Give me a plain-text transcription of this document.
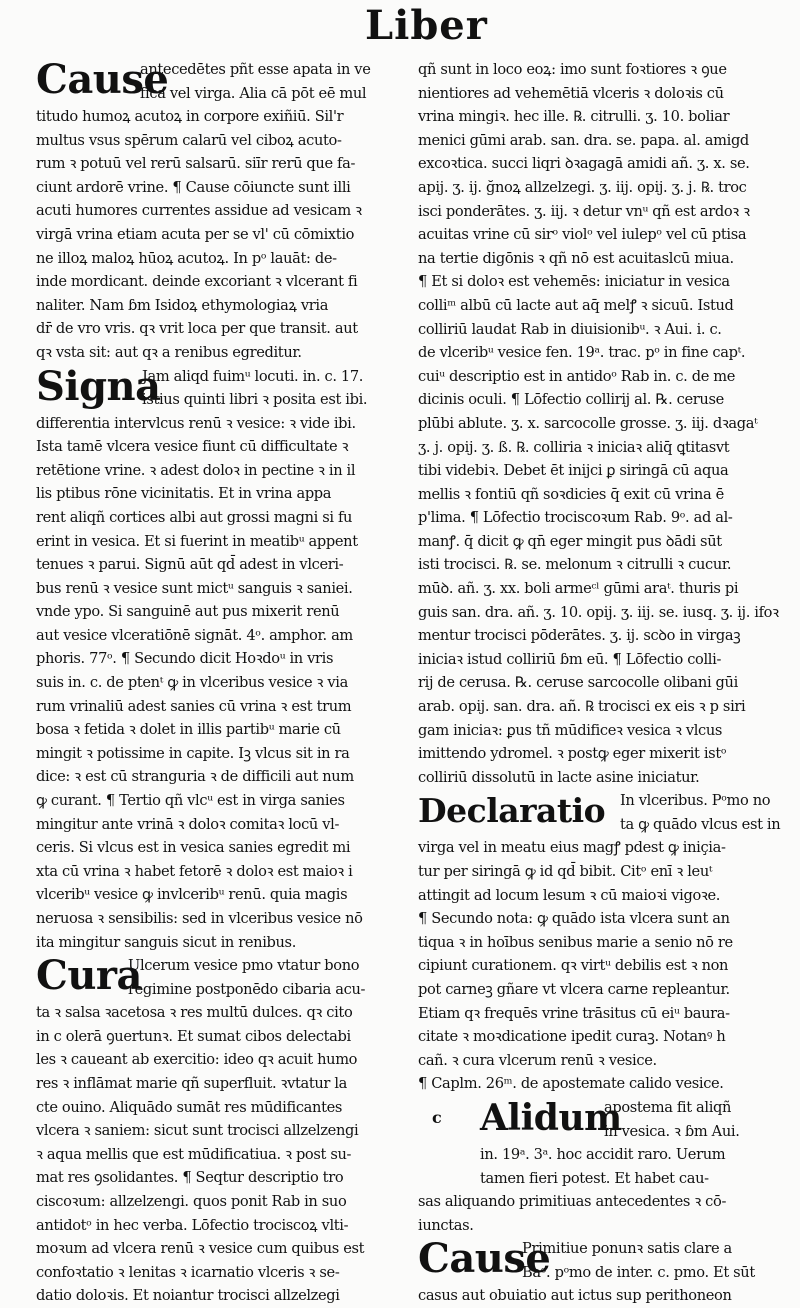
Liber
Cause
antecedētes pñt esse apata in ve
fica vel virga. Alia cā pōt eē mul
titudo humoꝝ acutoꝝ in corpore exiñiū. Sil'r
multus vsus spērum calarū vel ciboꝝ acuto-
rum ꝛ potuū vel rerū salsarū. siīr rerū que fa-
ciunt ardorē vrine. ¶ Cause cōiuncte sunt illi
acuti humores currentes assidue ad vesicam ꝛ
virgā vrina etiam acuta per se vl' cū cōmixtio
ne illoꝝ maloꝝ hūoꝝ acutoꝝ. In pᵒ lauāt: de-
inde mordicant. deinde excoriant ꝛ vlcerant fi
naliter. Nam ɓm Isidoꝝ ethymologiaꝝ vria
dr̄ de vro vris. qꝛ vrit loca per que transit. aut
qꝛ vsta sit: aut qꝛ a renibus egreditur.
Signa
Jam aliqd fuimᵘ locuti. in. c. 17.
istius quinti libri ꝛ posita est ibi.
differentia intervlcus renū ꝛ vesice: ꝛ vide ibi.
Ista tamē vlcera vesice fiunt cū difficultate ꝛ
retētione vrine. ꝛ adest doloꝛ in pectine ꝛ in il
lis ptibus rōne vicinitatis. Et in vrina appa
rent aliqñ cortices albi aut grossi magni si fu
erint in vesica. Et si fuerint in meatibᵘ appent
tenues ꝛ parui. Signū aūt qd̄ adest in vlceri-
bus renū ꝛ vesice sunt mictᵘ sanguis ꝛ saniei.
vnde ypo. Si sanguinē aut pus mixerit renū
aut vesice vlceratiōnē signāt. 4ᵒ. amphor. am
phoris. 77ᵒ. ¶ Secundo dicit Hoꝛdoᵘ in vris
suis in. c. de ptenᵗ ꝙ in vlceribus vesice ꝛ via
rum vrinaliū adest sanies cū vrina ꝛ est trum
bosa ꝛ fetida ꝛ dolet in illis partibᵘ marie cū
mingit ꝛ potissime in capite. Iꝫ vlcus sit in ra
dice: ꝛ est cū stranguria ꝛ de difficili aut num
ꝙ curant. ¶ Tertio qñ vlcᵘ est in virga sanies
mingitur ante vrinā ꝛ doloꝛ comitaꝛ locū vl-
ceris. Si vlcus est in vesica sanies egredit mi
xta cū vrina ꝛ habet fetorē ꝛ doloꝛ est maioꝛ i
vlceribᵘ vesice ꝙ invlceribᵘ renū. quia magis
neruosa ꝛ sensibilis: sed in vlceribus vesice nō
ita mingitur sanguis sicut in renibus.
Cura
Ulcerum vesice pmo vtatur bono
regimine postponēdo cibaria acu-
ta ꝛ salsa ꝛacetosa ꝛ res multū dulces. qꝛ cito
in c olerā ꝯuertunꝛ. Et sumat cibos delectabi
les ꝛ caueant ab exercitio: ideo qꝛ acuit humo
res ꝛ inflāmat marie qñ superfluit. ꝛvtatur la
cte ouino. Aliquādo sumāt res mūdificantes
vlcera ꝛ saniem: sicut sunt trocisci allzelzengi
ꝛ aqua mellis que est mūdificatiua. ꝛ post su-
mat res ꝯsolidantes. ¶ Seqtur descriptio tro
ciscoꝛum: allzelzengi. quos ponit Rab in suo
antidotᵒ in hec verba. Lōfectio trociscoꝝ vlti-
moꝛum ad vlcera renū ꝛ vesice cum quibus est
confoꝛtatio ꝛ lenitas ꝛ icarnatio vlceris ꝛ se-
datio doloꝛis. Et noiantur trocisci allzelzegi
qñ sunt in loco eoꝝ: imo sunt foꝛtiores ꝛ ꝯue
nientiores ad vehemētiā vlceris ꝛ doloꝛis cū
vrina mingiꝛ. hec ille. ℞. citrulli. ʒ. 10. boliar
menici gūmi arab. san. dra. se. papa. al. amigd
excoꝛtica. succi liqri ꝺꝛagagā amidi añ. ʒ. x. se.
apij. ʒ. ij. ğnoꝝ allzelzegi. ʒ. iij. opij. ʒ. j. ℞. troc
isci ponderātes. ʒ. iij. ꝛ detur vnᵘ qñ est ardoꝛ ꝛ
acuitas vrine cū sirᵒ violᵒ vel iulepᵒ vel cū ptisa
na tertie digōnis ꝛ qñ nō est acuitaslcū miua.
¶ Et si doloꝛ est vehemēs: iniciatur in vesica
colliᵐ albū cū lacte aut aq̄ melꝭ ꝛ sicuū. Istud
colliriū laudat Rab in diuisionibᵘ. ꝛ Aui. i. c.
de vlceribᵘ vesice fen. 19ᵃ. trac. pᵒ in fine capᵗ.
cuiᵘ descriptio est in antidoᵒ Rab in. c. de me
dicinis oculi. ¶ Lōfectio collirij al. ℞. ceruse
plūbi ablute. ʒ. x. sarcocolle grosse. ʒ. iij. dꝛagaᵗ
ʒ. j. opij. ʒ. ß. ℞. colliria ꝛ iniciaꝛ aliq̄ ꝗtitasvt
tibi videbiꝛ. Debet ēt inijci ꝑ siringā cū aqua
mellis ꝛ fontiū qñ soꝛdicies q̄ exit cū vrina ē
p'lima. ¶ Lōfectio trociscoꝛum Rab. 9ᵒ. ad al-
manꝭ. q̄ dicit ꝙ qn̄ eger mingit pus ꝺādi sūt
isti trocisci. ℞. se. melonum ꝛ citrulli ꝛ cucur.
mūꝺ. añ. ʒ. xx. boli armeᶜˡ gūmi araᵗ. thuris pi
guis san. dra. añ. ʒ. 10. opij. ʒ. iij. se. iusq. ʒ. ij. ifoꝛ
mentur trocisci pōderātes. ʒ. ij. scꝺo in virgaꝫ
iniciaꝛ istud colliriū ɓm eū. ¶ Lōfectio colli-
rij de cerusa. ℞. ceruse sarcocolle olibani gūi
arab. opij. san. dra. añ. ℞ trocisci ex eis ꝛ p siri
gam iniciaꝛ: ꝑus tñ mūdificeꝛ vesica ꝛ vlcus
imittendo ydromel. ꝛ postꝙ eger mixerit istᵒ
colliriū dissolutū in lacte asine iniciatur.
Declaratio In vlceribus. Pᵒmo no
ta ꝙ quādo vlcus est in
virga vel in meatu eius magꝭ pdest ꝙ iniçia-
tur per siringā ꝙ id qd̄ bibit. Citᵒ enī ꝛ leuᵗ
attingit ad locum lesum ꝛ cū maioꝛi vigoꝛe.
¶ Secundo nota: ꝙ quādo ista vlcera sunt an
tiqua ꝛ in hoībus senibus marie a senio nō re
cipiunt curationem. qꝛ virtᵘ debilis est ꝛ non
pot carneꝫ gñare vt vlcera carne repleantur.
Etiam qꝛ frequēs vrine trāsitus cū eiᵘ baura-
citate ꝛ moꝛdicatione ipedit curaꝫ. Notanꝰ h
cañ. ꝛ cura vlcerum renū ꝛ vesice.
¶ Caplm. 26ᵐ. de apostemate calido vesice.
Alidum
apostema fit aliqñ
in vesica. ꝛ ɓm Aui.
in. 19ᵃ. 3ᵃ. hoc accidit raro. Uerum
tamen fieri potest. Et habet cau-
c
sas aliquando primitiuas antecedentes ꝛ cō-
iunctas.
Cause
Primitiue ponunꝛ satis clare a
Baᵒ. pᵒmo de inter. c. pmo. Et sūt
casus aut obuiatio aut ictus sup perithoneon
